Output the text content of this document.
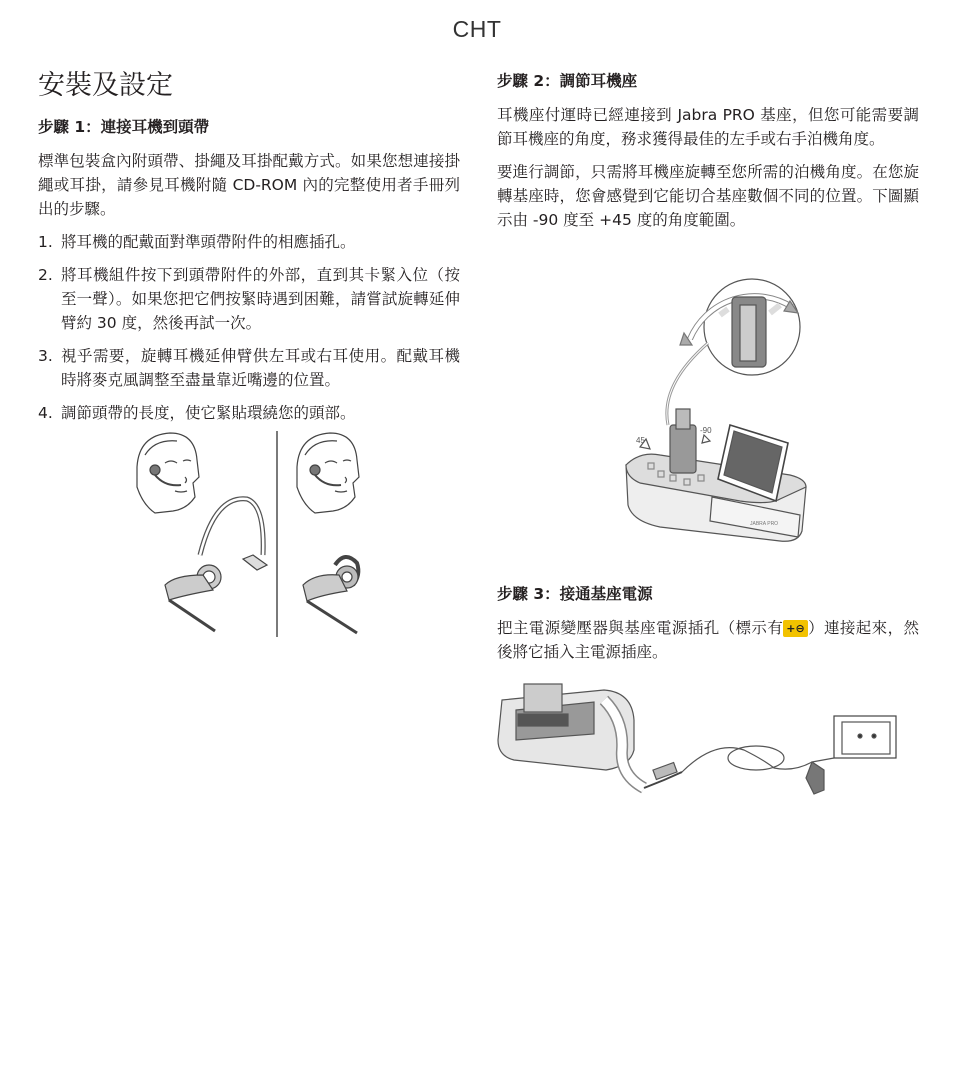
CHT
安裝及設定
步驟 1：連接耳機到頭帶

標準包裝盒內附頭帶、掛繩及耳掛配戴方式。如果您想連接掛繩或耳掛，請參見耳機附隨 CD-ROM 內的完整使用者手冊列出的步驟。

1. 將耳機的配戴面對準頭帶附件的相應插孔。
2. 將耳機組件按下到頭帶附件的外部，直到其卡緊入位（按至一聲）。如果您把它們按緊時遇到困難，請嘗試旋轉延伸臂約 30 度，然後再試一次。
3. 視乎需要，旋轉耳機延伸臂供左耳或右耳使用。配戴耳機時將麥克風調整至盡量靠近嘴邊的位置。
4. 調節頭帶的長度，使它緊貼環繞您的頭部。
步驟 2：調節耳機座

耳機座付運時已經連接到 Jabra PRO 基座，但您可能需要調節耳機座的角度，務求獲得最佳的左手或右手泊機角度。

要進行調節，只需將耳機座旋轉至您所需的泊機角度。在您旋轉基座時，您會感覺到它能切合基座數個不同的位置。下圖顯示由 -90 度至 +45 度的角度範圍。

45
-90
JABRA PRO
步驟 3：接通基座電源

把主電源變壓器與基座電源插孔（標示有 +⊖ ）連接起來，然後將它插入主電源插座。
